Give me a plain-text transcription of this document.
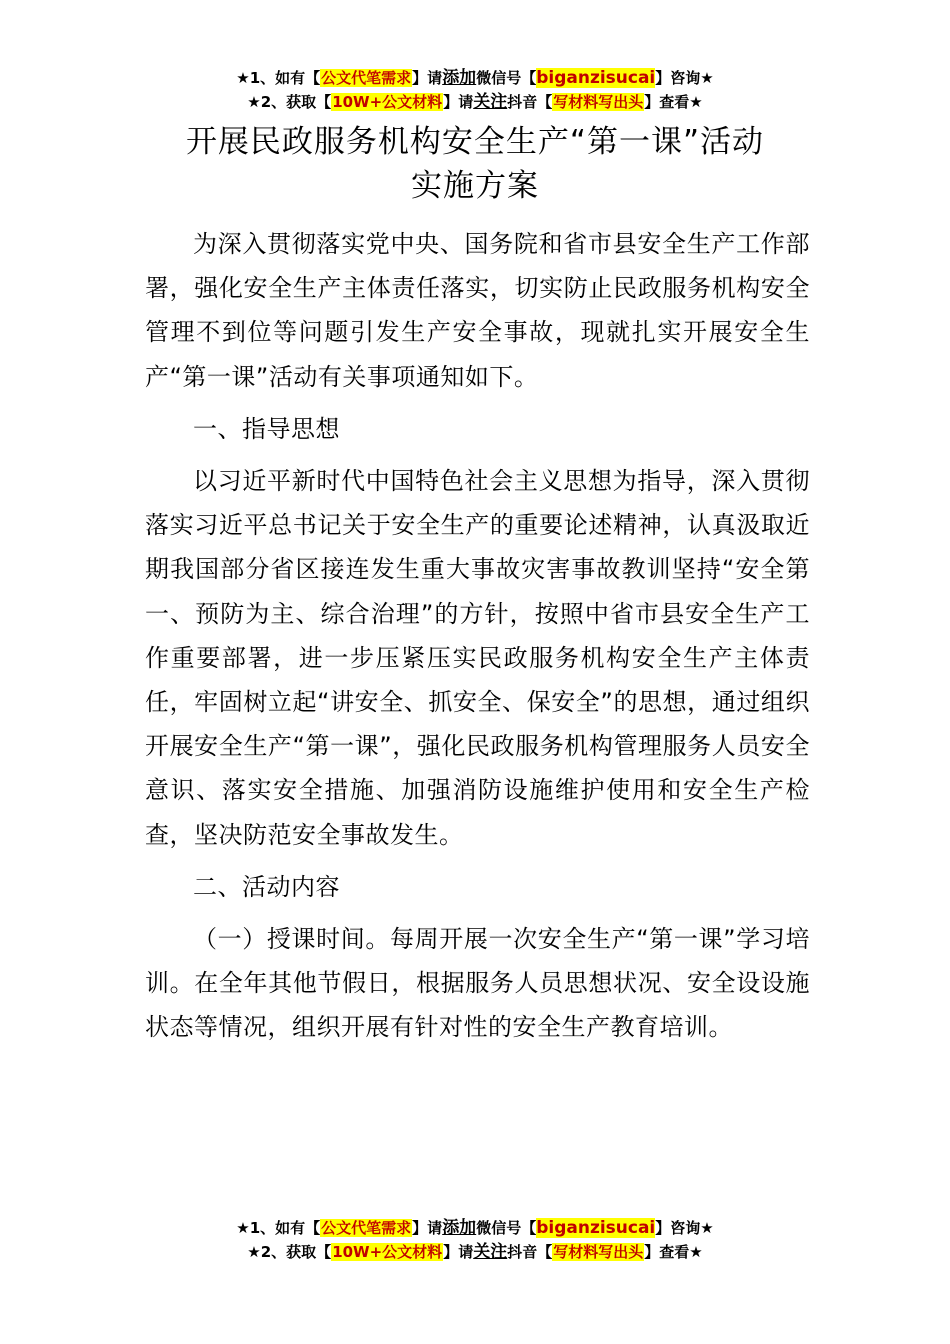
★1、如有【公文代笔需求】请添加微信号【biganzisucai】咨询★
★2、获取【10W+公文材料】请关注抖音【写材料写出头】查看★
开展民政服务机构安全生产“第一课”活动
实施方案

为深入贯彻落实党中央、国务院和省市县安全生产工作部署，强化安全生产主体责任落实，切实防止民政服务机构安全管理不到位等问题引发生产安全事故，现就扎实开展安全生产“第一课”活动有关事项通知如下。

一、指导思想

以习近平新时代中国特色社会主义思想为指导，深入贯彻落实习近平总书记关于安全生产的重要论述精神，认真汲取近期我国部分省区接连发生重大事故灾害事故教训坚持“安全第一、预防为主、综合治理”的方针，按照中省市县安全生产工作重要部署，进一步压紧压实民政服务机构安全生产主体责任，牢固树立起“讲安全、抓安全、保安全”的思想，通过组织开展安全生产“第一课”，强化民政服务机构管理服务人员安全意识、落实安全措施、加强消防设施维护使用和安全生产检查，坚决防范安全事故发生。

二、活动内容

（一）授课时间。每周开展一次安全生产“第一课”学习培训。在全年其他节假日，根据服务人员思想状况、安全设设施状态等情况，组织开展有针对性的安全生产教育培训。

★1、如有【公文代笔需求】请添加微信号【biganzisucai】咨询★
★2、获取【10W+公文材料】请关注抖音【写材料写出头】查看★
